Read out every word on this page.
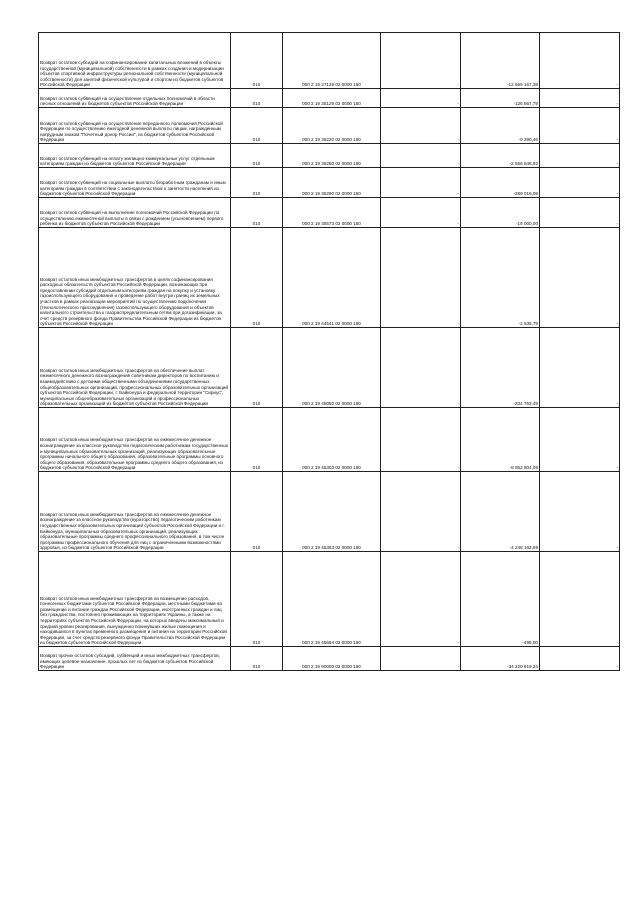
Возврат остатков субсидий на софинансирование капитальных вложений в объекты государственной (муниципальной) собственности в рамках создания и модернизации объектов спортивной инфраструктуры региональной собственности (муниципальной собственности) для занятий физической культурой и спортом из бюджетов субъектов Российской Федерации	010	000 2 19 27139 02 0000 150	-	-12 669 167,38	-
Возврат остатков субвенций на осуществление отдельных полномочий в области лесных отношений из бюджетов субъектов Российской Федерации	010	000 2 19 35129 02 0000 150	-	-126 867,79	-
Возврат остатков субвенций на осуществление переданного полномочия Российской Федерации по осуществлению ежегодной денежной выплаты лицам, награжденным нагрудным знаком "Почетный донор России", из бюджетов субъектов Российской Федерации	010	000 2 19 35220 02 0000 150	-	-9 290,46	-
Возврат остатков субвенций на оплату жилищно-коммунальных услуг отдельным категориям граждан из бюджетов субъектов Российской Федерации	010	000 2 19 35250 02 0000 150	-	-2 556 846,92	-
Возврат остатков субвенций на социальные выплаты безработным гражданам и иным категориям граждан в соответствии с законодательством о занятости населения из бюджетов субъектов Российской Федерации	010	000 2 19 35290 02 0000 150	-	-289 016,09	-
Возврат остатков субвенций на выполнение полномочий Российской Федерации по осуществлению ежемесячной выплаты в связи с рождением (усыновлением) первого ребенка из бюджетов субъектов Российской Федерации	010	000 2 19 35573 02 0000 150	-	-19 000,00	-
Возврат остатков иных межбюджетных трансфертов в целях софинансирования расходных обязательств субъектов Российской Федерации, возникающих при предоставлении субсидий отдельным категориям граждан на покупку и установку газоиспользующего оборудования и проведение работ внутри границ их земельных участков в рамках реализации мероприятий по осуществлению подключения (технологического присоединения) газоиспользующего оборудования и объектов капитального строительства к газораспределительным сетям при догазификации, за счет средств резервного фонда Правительства Российской Федерации из бюджетов субъектов Российской Федерации	010	000 2 19 44541 02 0000 150	-	-2 535,79	-
Возврат остатков иных межбюджетных трансфертов на обеспечение выплат ежемесячного денежного вознаграждения советникам директоров по воспитанию и взаимодействию с детскими общественными объединениями государственных общеобразовательных организаций, профессиональных образовательных организаций субъектов Российской Федерации, г. Байконура и федеральной территории "Сириус", муниципальных общеобразовательных организаций и профессиональных образовательных организаций из бюджетов субъектов Российской Федерации	010	000 2 19 45050 02 0000 150	-	-334 763,49	-
Возврат остатков иных межбюджетных трансфертов на ежемесячное денежное вознаграждение за классное руководство педагогическим работникам государственных и муниципальных образовательных организаций, реализующих образовательные программы начального общего образования, образовательные программы основного общего образования, образовательные программы среднего общего образования, из бюджетов субъектов Российской Федерации	010	000 2 19 45303 02 0000 150	-	-8 952 804,06	-
Возврат остатков иных межбюджетных трансфертов на ежемесячное денежное вознаграждение за классное руководство (кураторство) педагогическим работникам государственных образовательных организаций субъектов Российской Федерации и г. Байконура, муниципальных образовательных организаций, реализующих образовательные программы среднего профессионального образования, в том числе программы профессионального обучения для лиц с ограниченными возможностями здоровья, из бюджетов субъектов Российской Федерации	010	000 2 19 45363 02 0000 150	-	-4 248 163,89	-
Возврат остатков иных межбюджетных трансфертов на возмещение расходов, понесенных бюджетами субъектов Российской Федерации, местными бюджетами на размещение и питание граждан Российской Федерации, иностранных граждан и лиц без гражданства, постоянно проживающих на территориях Украины, а также на территориях субъектов Российской Федерации, на которых введены максимальный и средний уровни реагирования, вынужденно покинувших жилые помещения и находившихся в пунктах временного размещения и питания на территории Российской Федерации, за счет средств резервного фонда Правительства Российской Федерации из бюджетов субъектов Российской Федерации	010	000 2 19 45694 02 0000 150	-	-495,00	-
Возврат прочих остатков субсидий, субвенций и иных межбюджетных трансфертов, имеющих целевое назначение, прошлых лет из бюджетов субъектов Российской Федерации	010	000 2 19 90000 02 0000 150	-	-34 220 919,24	-
